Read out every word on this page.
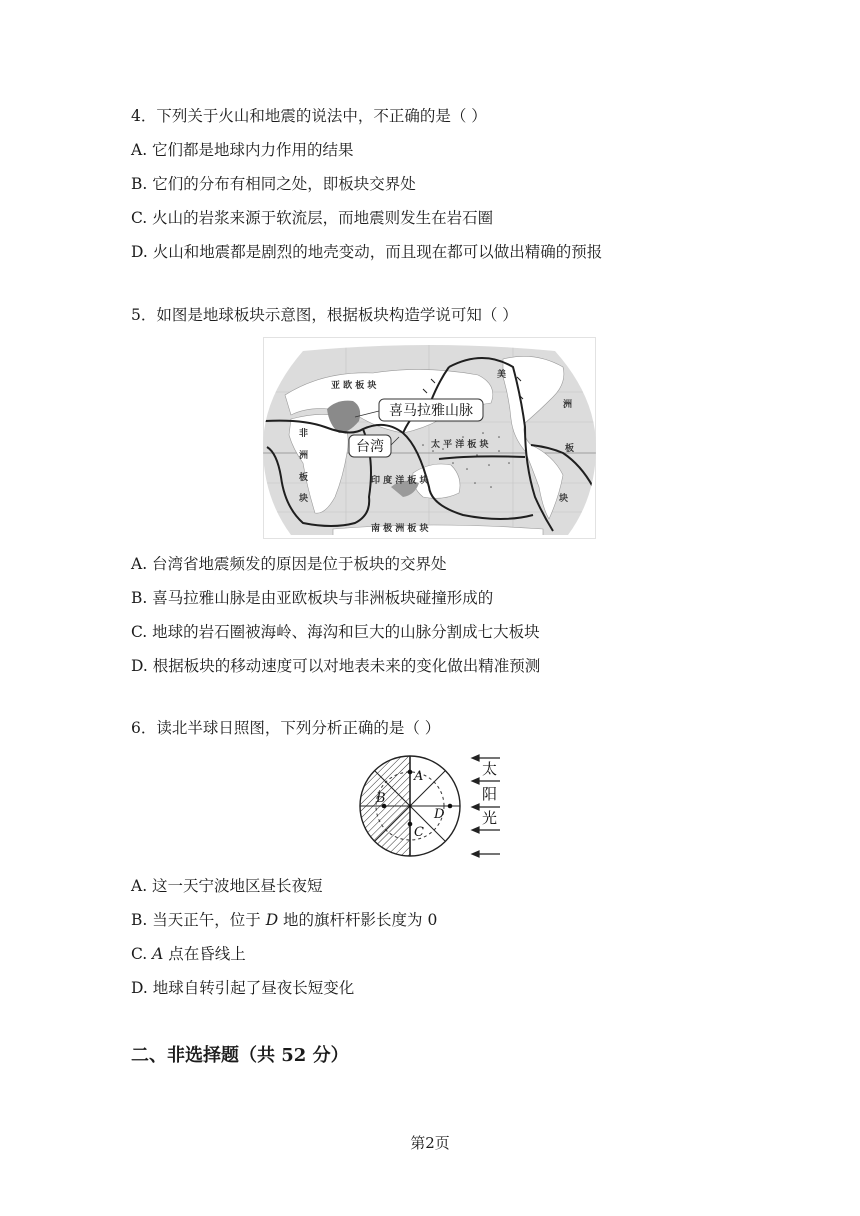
4．下列关于火山和地震的说法中，不正确的是（ ）
A. 它们都是地球内力作用的结果
B. 它们的分布有相同之处，即板块交界处
C. 火山的岩浆来源于软流层，而地震则发生在岩石圈
D. 火山和地震都是剧烈的地壳变动，而且现在都可以做出精确的预报
5．如图是地球板块示意图，根据板块构造学说可知（ ）
亚 欧 板 块
非
洲
板
块
太 平 洋 板 块
印 度 洋 板 块
南 极 洲 板 块
美
洲
板
块
喜马拉雅山脉
台湾
A. 台湾省地震频发的原因是位于板块的交界处
B. 喜马拉雅山脉是由亚欧板块与非洲板块碰撞形成的
C. 地球的岩石圈被海岭、海沟和巨大的山脉分割成七大板块
D. 根据板块的移动速度可以对地表未来的变化做出精准预测
6．读北半球日照图，下列分析正确的是（ ）
A
B
C
D
太
阳
光
A. 这一天宁波地区昼长夜短
B. 当天正午，位于 D 地的旗杆杆影长度为 0
C. A 点在昏线上
D. 地球自转引起了昼夜长短变化
二、非选择题（共 52 分）
第2页
